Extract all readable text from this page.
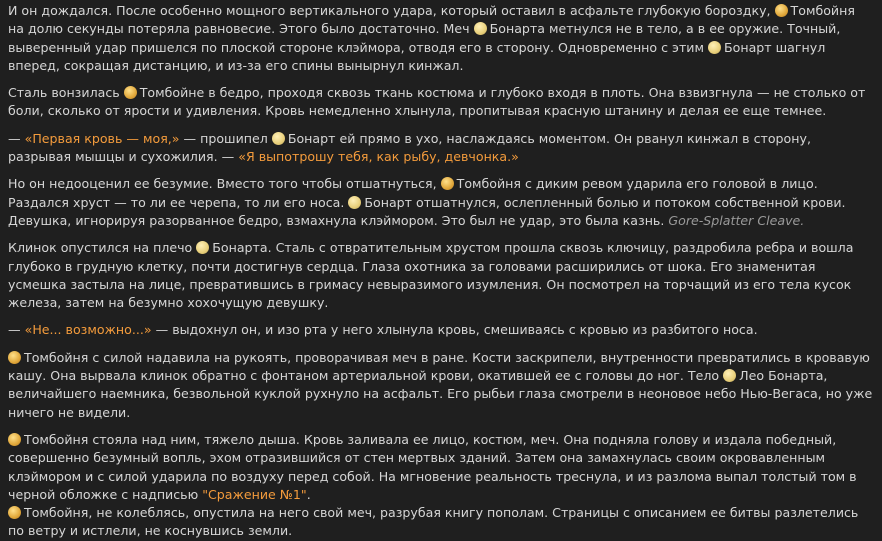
И он дождался. После особенно мощного вертикального удара, который оставил в асфальте глубокую бороздку, Томбойня на долю секунды потеряла равновесие. Этого было достаточно. Меч Бонарта метнулся не в тело, а в ее оружие. Точный, выверенный удар пришелся по плоской стороне клэймора, отводя его в сторону. Одновременно с этим Бонарт шагнул вперед, сокращая дистанцию, и из-за его спины вынырнул кинжал.

Сталь вонзилась Томбойне в бедро, проходя сквозь ткань костюма и глубоко входя в плоть. Она взвизгнула — не столько от боли, сколько от ярости и удивления. Кровь немедленно хлынула, пропитывая красную штанину и делая ее еще темнее.

— «Первая кровь — моя,» — прошипел Бонарт ей прямо в ухо, наслаждаясь моментом. Он рванул кинжал в сторону, разрывая мышцы и сухожилия. — «Я выпотрошу тебя, как рыбу, девчонка.»

Но он недооценил ее безумие. Вместо того чтобы отшатнуться, Томбойня с диким ревом ударила его головой в лицо. Раздался хруст — то ли ее черепа, то ли его носа. Бонарт отшатнулся, ослепленный болью и потоком собственной крови. Девушка, игнорируя разорванное бедро, взмахнула клэймором. Это был не удар, это была казнь. Gore-Splatter Cleave.

Клинок опустился на плечо Бонарта. Сталь с отвратительным хрустом прошла сквозь ключицу, раздробила ребра и вошла глубоко в грудную клетку, почти достигнув сердца. Глаза охотника за головами расширились от шока. Его знаменитая усмешка застыла на лице, превратившись в гримасу невыразимого изумления. Он посмотрел на торчащий из его тела кусок железа, затем на безумно хохочущую девушку.

— «Не... возможно...» — выдохнул он, и изо рта у него хлынула кровь, смешиваясь с кровью из разбитого носа.

Томбойня с силой надавила на рукоять, проворачивая меч в ране. Кости заскрипели, внутренности превратились в кровавую кашу. Она вырвала клинок обратно с фонтаном артериальной крови, окатившей ее с головы до ног. Тело Лео Бонарта, величайшего наемника, безвольной куклой рухнуло на асфальт. Его рыбьи глаза смотрели в неоновое небо Нью-Вегаса, но уже ничего не видели.

Томбойня стояла над ним, тяжело дыша. Кровь заливала ее лицо, костюм, меч. Она подняла голову и издала победный, совершенно безумный вопль, эхом отразившийся от стен мертвых зданий. Затем она замахнулась своим окровавленным клэймором и с силой ударила по воздуху перед собой. На мгновение реальность треснула, и из разлома выпал толстый том в черной обложке с надписью "Сражение №1".
Томбойня, не колеблясь, опустила на него свой меч, разрубая книгу пополам. Страницы с описанием ее битвы разлетелись по ветру и истлели, не коснувшись земли.
